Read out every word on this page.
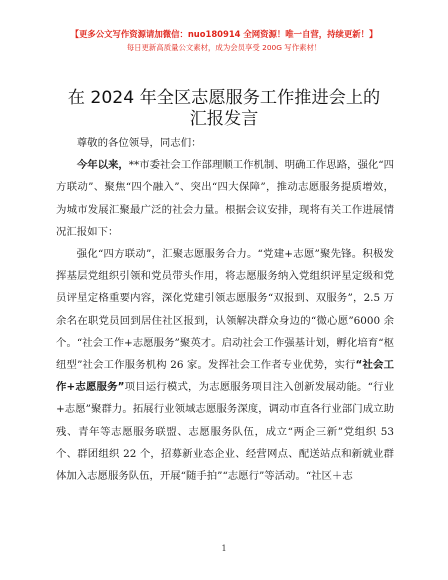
【更多公文写作资源请加微信：nuo180914 全网资源！唯一自营，持续更新！】
每日更新高质量公文素材，成为会员享受 200G 写作素材！
在 2024 年全区志愿服务工作推进会上的汇报发言

尊敬的各位领导，同志们：

今年以来，**市委社会工作部理顺工作机制、明确工作思路，强化“四方联动”、聚焦“四个融入”、突出“四大保障”，推动志愿服务提质增效，为城市发展汇聚最广泛的社会力量。根据会议安排，现将有关工作进展情况汇报如下：

强化“四方联动”，汇聚志愿服务合力。“党建+志愿”聚先锋。积极发挥基层党组织引领和党员带头作用，将志愿服务纳入党组织评星定级和党员评星定格重要内容，深化党建引领志愿服务“双报到、双服务”，2.5 万余名在职党员回到居住社区报到，认领解决群众身边的“微心愿”6000 余个。“社会工作+志愿服务”聚英才。启动社会工作强基计划，孵化培育“枢纽型”社会工作服务机构 26 家。发挥社会工作者专业优势，实行“社会工作+志愿服务”项目运行模式，为志愿服务项目注入创新发展动能。“行业+志愿”聚群力。拓展行业领域志愿服务深度，调动市直各行业部门成立助残、青年等志愿服务联盟、志愿服务队伍，成立“两企三新”党组织 53 个、群团组织 22 个，招募新业态企业、经营网点、配送站点和新就业群体加入志愿服务队伍，开展“随手拍”“志愿行”等活动。“社区＋志

1
